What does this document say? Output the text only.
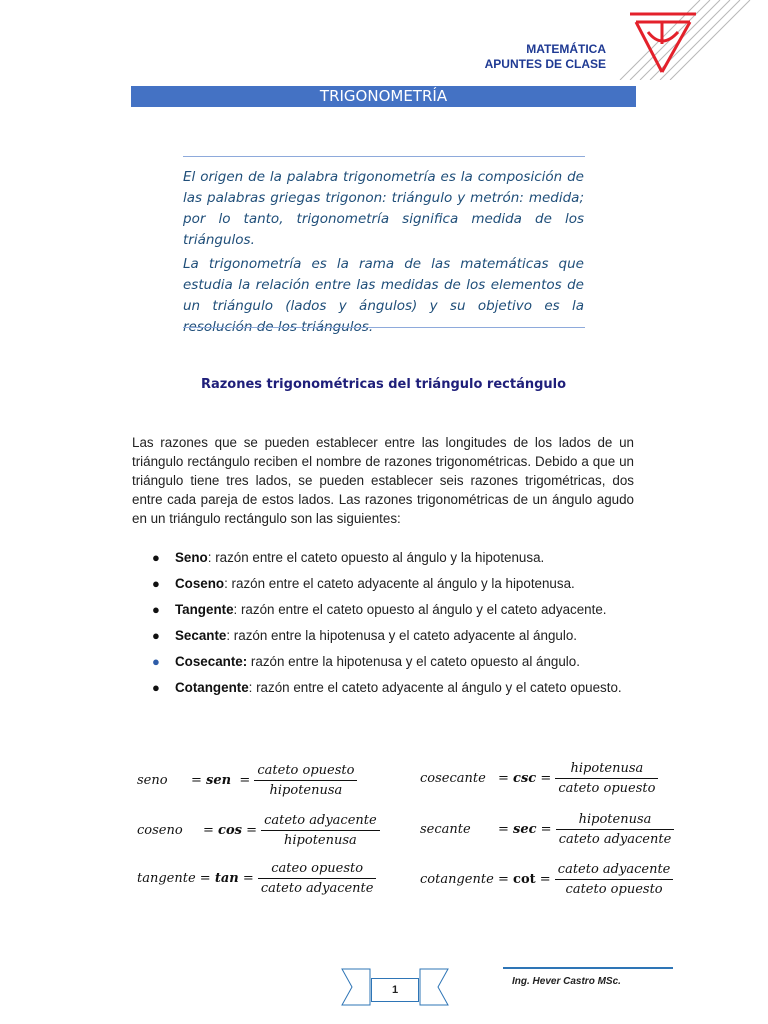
MATEMÁTICA
APUNTES DE CLASE
TRIGONOMETRÍA
El origen de la palabra trigonometría es la composición de las palabras griegas trigonon: triángulo y metrón: medida; por lo tanto, trigonometría significa medida de los triángulos.
La trigonometría es la rama de las matemáticas que estudia la relación entre las medidas de los elementos de un triángulo (lados y ángulos) y su objetivo es la resolución de los triángulos.
Razones trigonométricas del triángulo rectángulo
Las razones que se pueden establecer entre las longitudes de los lados de un triángulo rectángulo reciben el nombre de razones trigonométricas. Debido a que un triángulo tiene tres lados, se pueden establecer seis razones trigométricas, dos entre cada pareja de estos lados. Las razones trigonométricas de un ángulo agudo en un triángulo rectángulo son las siguientes:
● Seno: razón entre el cateto opuesto al ángulo y la hipotenusa.
● Coseno: razón entre el cateto adyacente al ángulo y la hipotenusa.
● Tangente: razón entre el cateto opuesto al ángulo y el cateto adyacente.
● Secante: razón entre la hipotenusa y el cateto adyacente al ángulo.
● Cosecante: razón entre la hipotenusa y el cateto opuesto al ángulo.
● Cotangente: razón entre el cateto adyacente al ángulo y el cateto opuesto.
seno = sen  = $\frac{\text{cateto opuesto}}{\text{hipotenusa}}$
coseno = $\cos = \frac{\text{cateto adyacente}}{\text{hipotenusa}}$
tangente = $\tan = \frac{\text{cateo opuesto}}{\text{cateto adyacente}}$
cosecante = $\csc = \frac{\text{hipotenusa}}{\text{cateto opuesto}}$
secante = $\sec = \frac{\text{hipotenusa}}{\text{cateto adyacente}}$
cotangente = $\cot = \frac{\text{cateto adyacente}}{\text{cateto opuesto}}$
1
Ing. Hever Castro MSc.
